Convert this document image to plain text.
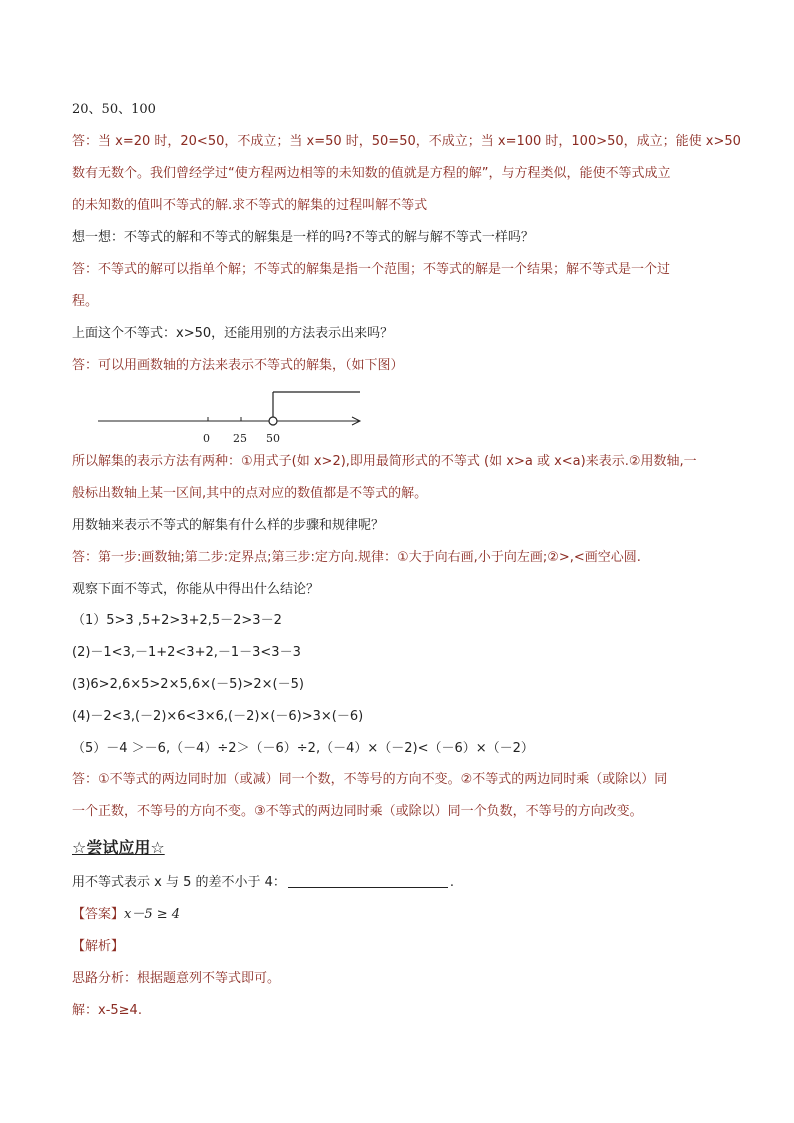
20、50、100
答：当 x=20 时，20<50，不成立；当 x=50 时，50=50，不成立；当 x=100 时，100>50，成立；能使 x>50
数有无数个。我们曾经学过“使方程两边相等的未知数的值就是方程的解”，与方程类似，能使不等式成立
的未知数的值叫不等式的解.求不等式的解集的过程叫解不等式
想一想：不等式的解和不等式的解集是一样的吗?不等式的解与解不等式一样吗？
答：不等式的解可以指单个解；不等式的解集是指一个范围；不等式的解是一个结果；解不等式是一个过
程。
上面这个不等式：x>50，还能用别的方法表示出来吗？
答：可以用画数轴的方法来表示不等式的解集，（如下图）
0 25 50
所以解集的表示方法有两种：①用式子(如 x>2),即用最简形式的不等式 (如 x>a 或 x<a)来表示.②用数轴,一
般标出数轴上某一区间,其中的点对应的数值都是不等式的解。
用数轴来表示不等式的解集有什么样的步骤和规律呢？
答：第一步:画数轴;第二步:定界点;第三步:定方向.规律：①大于向右画,小于向左画;②>,<画空心圆.
观察下面不等式，你能从中得出什么结论？
（1）5>3 ,5+2>3+2,5－2>3－2
(2)－1<3,－1+2<3+2,－1－3<3－3
(3)6>2,6×5>2×5,6×(－5)>2×(－5)
(4)－2<3,(－2)×6<3×6,(－2)×(－6)>3×(－6)
（5）－4 ＞－6,（－4）÷2＞（－6）÷2,（－4）×（－2)<（－6）×（－2）
答：①不等式的两边同时加（或减）同一个数，不等号的方向不变。②不等式的两边同时乘（或除以）同
一个正数，不等号的方向不变。③不等式的两边同时乘（或除以）同一个负数，不等号的方向改变。
☆尝试应用☆
用不等式表示 x 与 5 的差不小于 4：	.
【答案】x－5 ≥ 4
【解析】
思路分析：根据题意列不等式即可。
解：x-5≥4.
